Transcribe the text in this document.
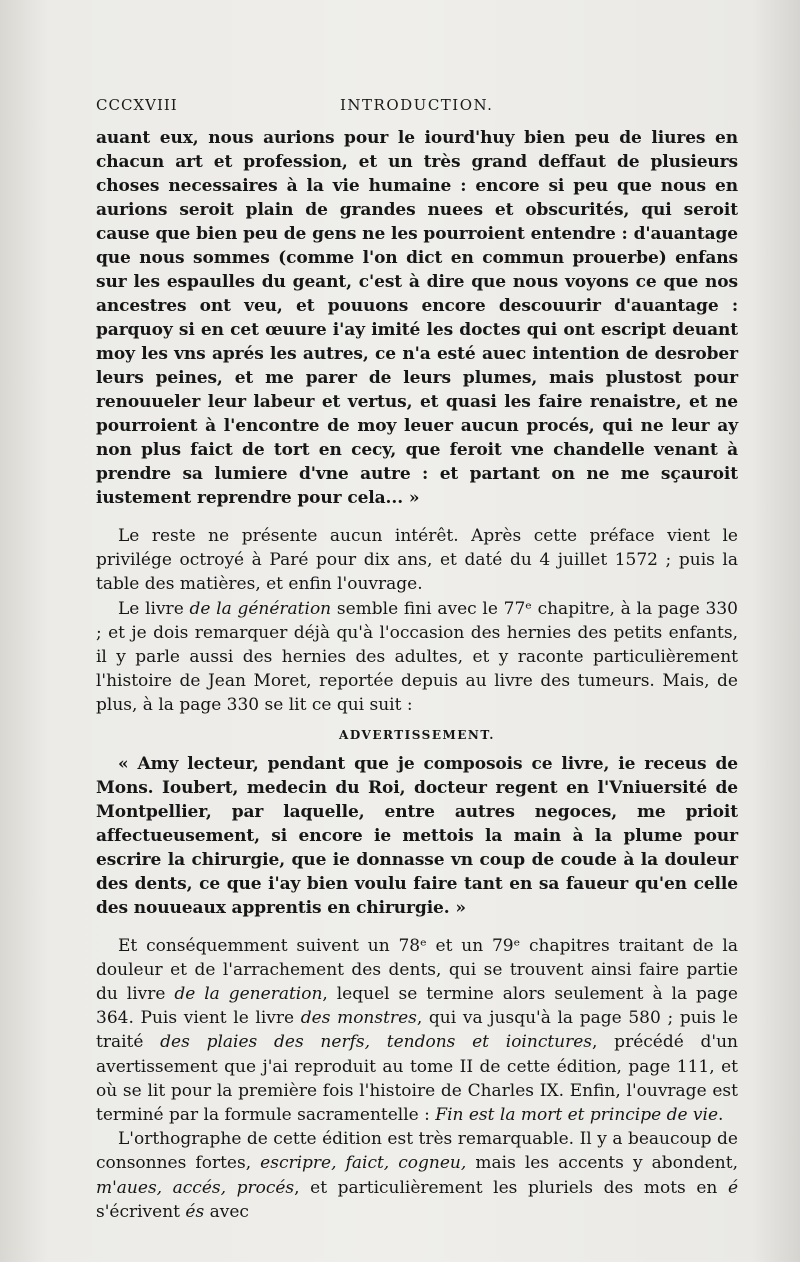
CCCXVIII	INTRODUCTION.

auant eux, nous aurions pour le iourd'huy bien peu de liures en chacun art et profession, et un très grand deffaut de plusieurs choses necessaires à la vie humaine : encore si peu que nous en aurions seroit plain de grandes nuees et obscurités, qui seroit cause que bien peu de gens ne les pourroient entendre : d'auantage que nous sommes (comme l'on dict en commun prouerbe) enfans sur les espaulles du geant, c'est à dire que nous voyons ce que nos ancestres ont veu, et pouuons encore descouurir d'auantage : parquoy si en cet œuure i'ay imité les doctes qui ont escript deuant moy les vns aprés les autres, ce n'a esté auec intention de desrober leurs peines, et me parer de leurs plumes, mais plustost pour renouueler leur labeur et vertus, et quasi les faire renaistre, et ne pourroient à l'encontre de moy leuer aucun procés, qui ne leur ay non plus faict de tort en cecy, que feroit vne chandelle venant à prendre sa lumiere d'vne autre : et partant on ne me sçauroit iustement reprendre pour cela... »

Le reste ne présente aucun intérêt. Après cette préface vient le privilége octroyé à Paré pour dix ans, et daté du 4 juillet 1572 ; puis la table des matières, et enfin l'ouvrage.

Le livre de la génération semble fini avec le 77ᵉ chapitre, à la page 330 ; et je dois remarquer déjà qu'à l'occasion des hernies des petits enfants, il y parle aussi des hernies des adultes, et y raconte particulièrement l'histoire de Jean Moret, reportée depuis au livre des tumeurs. Mais, de plus, à la page 330 se lit ce qui suit :

ADVERTISSEMENT.

« Amy lecteur, pendant que je composois ce livre, ie receus de Mons. Ioubert, medecin du Roi, docteur regent en l'Vniuersité de Montpellier, par laquelle, entre autres negoces, me prioit affectueusement, si encore ie mettois la main à la plume pour escrire la chirurgie, que ie donnasse vn coup de coude à la douleur des dents, ce que i'ay bien voulu faire tant en sa faueur qu'en celle des nouueaux apprentis en chirurgie. »

Et conséquemment suivent un 78ᵉ et un 79ᵉ chapitres traitant de la douleur et de l'arrachement des dents, qui se trouvent ainsi faire partie du livre de la generation, lequel se termine alors seulement à la page 364. Puis vient le livre des monstres, qui va jusqu'à la page 580 ; puis le traité des plaies des nerfs, tendons et ioinctures, précédé d'un avertissement que j'ai reproduit au tome II de cette édition, page 111, et où se lit pour la première fois l'histoire de Charles IX. Enfin, l'ouvrage est terminé par la formule sacramentelle : Fin est la mort et principe de vie.

L'orthographe de cette édition est très remarquable. Il y a beaucoup de consonnes fortes, escripre, faict, cogneu, mais les accents y abondent, m'aues, accés, procés, et particulièrement les pluriels des mots en é s'écrivent és avec
